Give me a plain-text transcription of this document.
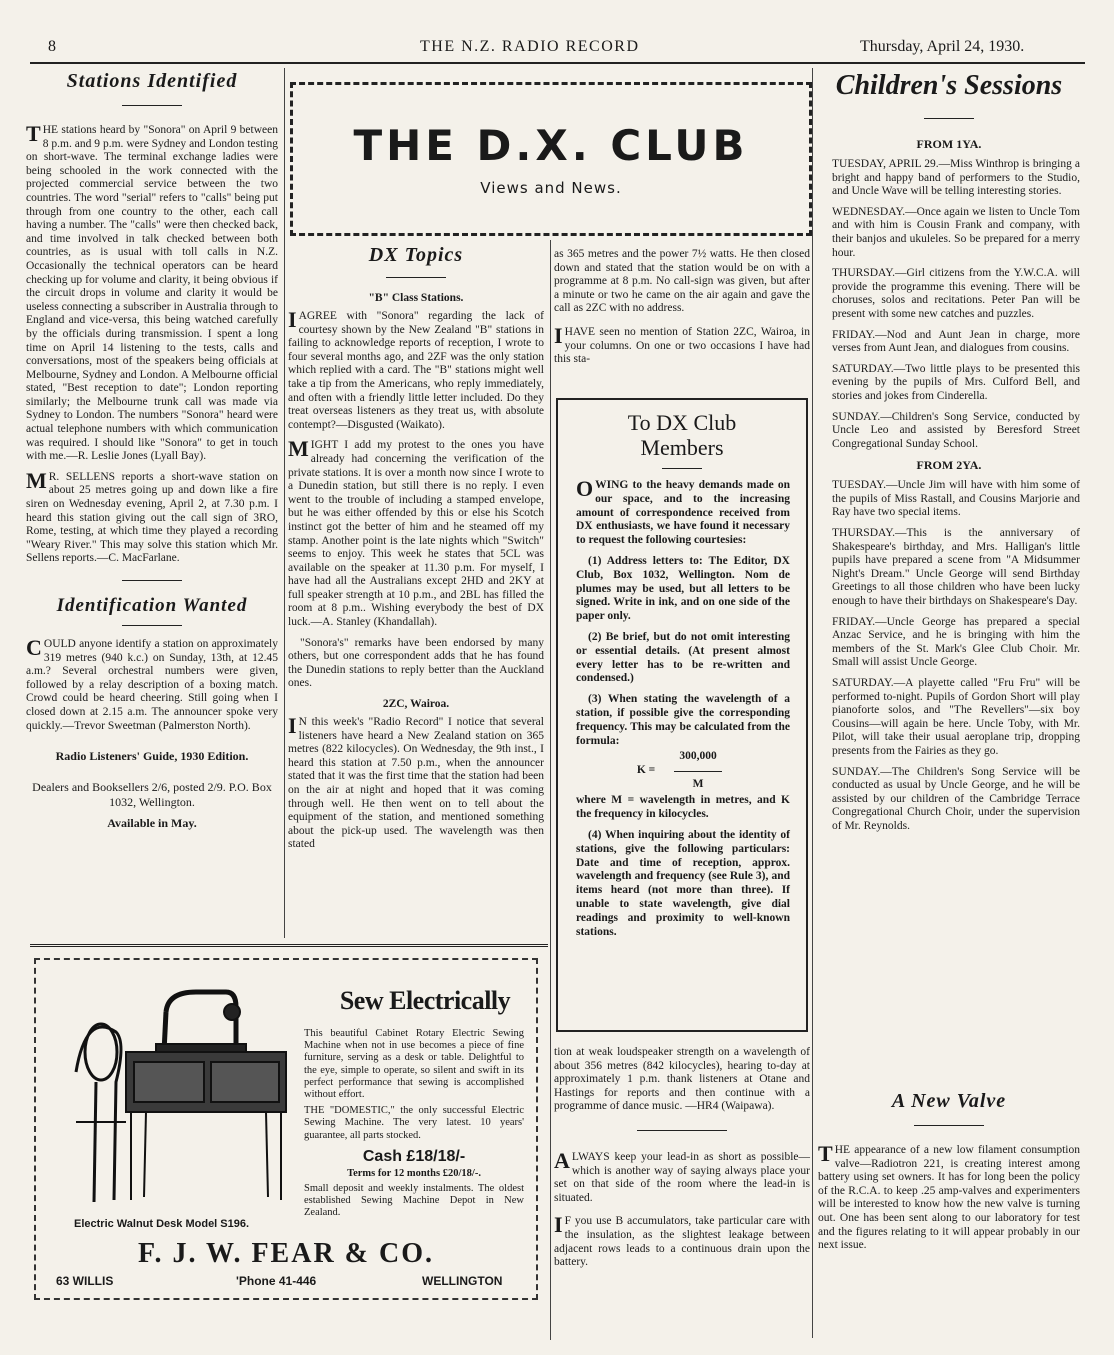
8	THE N.Z. RADIO RECORD	Thursday, April 24, 1930.
Stations Identified

THE stations heard by "Sonora" on April 9 between 8 p.m. and 9 p.m. were Sydney and London testing on short-wave. The terminal exchange ladies were being schooled in the work connected with the projected commercial service between the two countries. The word "serial" refers to "calls" being put through from one country to the other, each call having a number. The "calls" were then checked back, and time involved in talk checked between both countries, as is usual with toll calls in N.Z. Occasionally the technical operators can be heard checking up for volume and clarity, it being obvious if the circuit drops in volume and clarity it would be useless connecting a subscriber in Australia through to England and vice-versa, this being watched carefully by the officials during transmission. I spent a long time on April 14 listening to the tests, calls and conversations, most of the speakers being officials at Melbourne, Sydney and London. A Melbourne official stated, "Best reception to date"; London reporting similarly; the Melbourne trunk call was made via Sydney to London. The numbers "Sonora" heard were actual telephone numbers with which communication was required. I should like "Sonora" to get in touch with me.—R. Leslie Jones (Lyall Bay).

MR. SELLENS reports a short-wave station on about 25 metres going up and down like a fire siren on Wednesday evening, April 2, at 7.30 p.m. I heard this station giving out the call sign of 3RO, Rome, testing, at which time they played a recording "Weary River." This may solve this station which Mr. Sellens reports.—C. MacFarlane.

Identification Wanted

COULD anyone identify a station on approximately 319 metres (940 k.c.) on Sunday, 13th, at 12.45 a.m.? Several orchestral numbers were given, followed by a relay description of a boxing match. Crowd could be heard cheering. Still going when I closed down at 2.15 a.m. The announcer spoke very quickly.—Trevor Sweetman (Palmerston North).

Radio Listeners' Guide, 1930 Edition.

Dealers and Booksellers 2/6, posted 2/9. P.O. Box 1032, Wellington.

Available in May.

THE D.X. CLUB
Views and News.
DX Topics
"B" Class Stations.

IAGREE with "Sonora" regarding the lack of courtesy shown by the New Zealand "B" stations in failing to acknowledge reports of reception, I wrote to four several months ago, and 2ZF was the only station which replied with a card. The "B" stations might well take a tip from the Americans, who reply immediately, and often with a friendly little letter included. Do they treat overseas listeners as they treat us, with absolute contempt?—Disgusted (Waikato).

MIGHT I add my protest to the ones you have already had concerning the verification of the private stations. It is over a month now since I wrote to a Dunedin station, but still there is no reply. I even went to the trouble of including a stamped envelope, but he was either offended by this or else his Scotch instinct got the better of him and he steamed off my stamp. Another point is the late nights which "Switch" seems to enjoy. This week he states that 5CL was available on the speaker at 11.30 p.m. For myself, I have had all the Australians except 2HD and 2KY at full speaker strength at 10 p.m., and 2BL has filled the room at 8 p.m.. Wishing everybody the best of DX luck.—A. Stanley (Khandallah).

"Sonora's" remarks have been endorsed by many others, but one correspondent adds that he has found the Dunedin stations to reply better than the Auckland ones.

2ZC, Wairoa.

IN this week's "Radio Record" I notice that several listeners have heard a New Zealand station on 365 metres (822 kilocycles). On Wednesday, the 9th inst., I heard this station at 7.50 p.m., when the announcer stated that it was the first time that the station had been on the air at night and hoped that it was coming through well. He then went on to tell about the equipment of the station, and mentioned something about the pick-up used. The wavelength was then stated

as 365 metres and the power 7½ watts. He then closed down and stated that the station would be on with a programme at 8 p.m. No call-sign was given, but after a minute or two he came on the air again and gave the call as 2ZC with no address.

IHAVE seen no mention of Station 2ZC, Wairoa, in your columns. On one or two occasions I have had this sta-

To DX Club
Members

OWING to the heavy demands made on our space, and to the increasing amount of correspondence received from DX enthusiasts, we have found it necessary to request the following courtesies:

(1) Address letters to: The Editor, DX Club, Box 1032, Wellington. Nom de plumes may be used, but all letters to be signed. Write in ink, and on one side of the paper only.

(2) Be brief, but do not omit interesting or essential details. (At present almost every letter has to be re-written and condensed.)

(3) When stating the wavelength of a station, if possible give the corresponding frequency. This may be calculated from the formula:

300,000
K =
M

where M = wavelength in metres, and K the frequency in kilocycles.

(4) When inquiring about the identity of stations, give the following particulars: Date and time of reception, approx. wavelength and frequency (see Rule 3), and items heard (not more than three). If unable to state wavelength, give dial readings and proximity to well-known stations.

tion at weak loudspeaker strength on a wavelength of about 356 metres (842 kilocycles), hearing to-day at approximately 1 p.m. thank listeners at Otane and Hastings for reports and then continue with a programme of dance music. —HR4 (Waipawa).

ALWAYS keep your lead-in as short as possible—which is another way of saying always place your set on that side of the room where the lead-in is situated.

IF you use B accumulators, take particular care with the insulation, as the slightest leakage between adjacent rows leads to a continuous drain upon the battery.

Children's Sessions
FROM 1YA.

TUESDAY, APRIL 29.—Miss Winthrop is bringing a bright and happy band of performers to the Studio, and Uncle Wave will be telling interesting stories.

WEDNESDAY.—Once again we listen to Uncle Tom and with him is Cousin Frank and company, with their banjos and ukuleles. So be prepared for a merry hour.

THURSDAY.—Girl citizens from the Y.W.C.A. will provide the programme this evening. There will be choruses, solos and recitations. Peter Pan will be present with some new catches and puzzles.

FRIDAY.—Nod and Aunt Jean in charge, more verses from Aunt Jean, and dialogues from cousins.

SATURDAY.—Two little plays to be presented this evening by the pupils of Mrs. Culford Bell, and stories and jokes from Cinderella.

SUNDAY.—Children's Song Service, conducted by Uncle Leo and assisted by Beresford Street Congregational Sunday School.

FROM 2YA.

TUESDAY.—Uncle Jim will have with him some of the pupils of Miss Rastall, and Cousins Marjorie and Ray have two special items.

THURSDAY.—This is the anniversary of Shakespeare's birthday, and Mrs. Halligan's little pupils have prepared a scene from "A Midsummer Night's Dream." Uncle George will send Birthday Greetings to all those children who have been lucky enough to have their birthdays on Shakespeare's Day.

FRIDAY.—Uncle George has prepared a special Anzac Service, and he is bringing with him the members of the St. Mark's Glee Club Choir. Mr. Small will assist Uncle George.

SATURDAY.—A playette called "Fru Fru" will be performed to-night. Pupils of Gordon Short will play pianoforte solos, and "The Revellers"—six boy Cousins—will again be here. Uncle Toby, with Mr. Pilot, will take their usual aeroplane trip, dropping presents from the Fairies as they go.

SUNDAY.—The Children's Song Service will be conducted as usual by Uncle George, and he will be assisted by our children of the Cambridge Terrace Congregational Church Choir, under the supervision of Mr. Reynolds.

A New Valve

THE appearance of a new low filament consumption valve—Radiotron 221, is creating interest among battery using set owners. It has for long been the policy of the R.C.A. to keep .25 amp-valves and experimenters will be interested to know how the new valve is turning out. One has been sent along to our laboratory for test and the figures relating to it will appear probably in our next issue.

Electric Walnut Desk Model S196.
Sew Electrically

This beautiful Cabinet Rotary Electric Sewing Machine when not in use becomes a piece of fine furniture, serving as a desk or table. Delightful to the eye, simple to operate, so silent and swift in its perfect performance that sewing is accomplished without effort.

THE "DOMESTIC," the only successful Electric Sewing Machine. The very latest. 10 years' guarantee, all parts stocked.

Cash £18/18/-
Terms for 12 months £20/18/-.

Small deposit and weekly instalments. The oldest established Sewing Machine Depot in New Zealand.

F. J. W. FEAR & CO.
63 WILLIS	'Phone 41-446	WELLINGTON
